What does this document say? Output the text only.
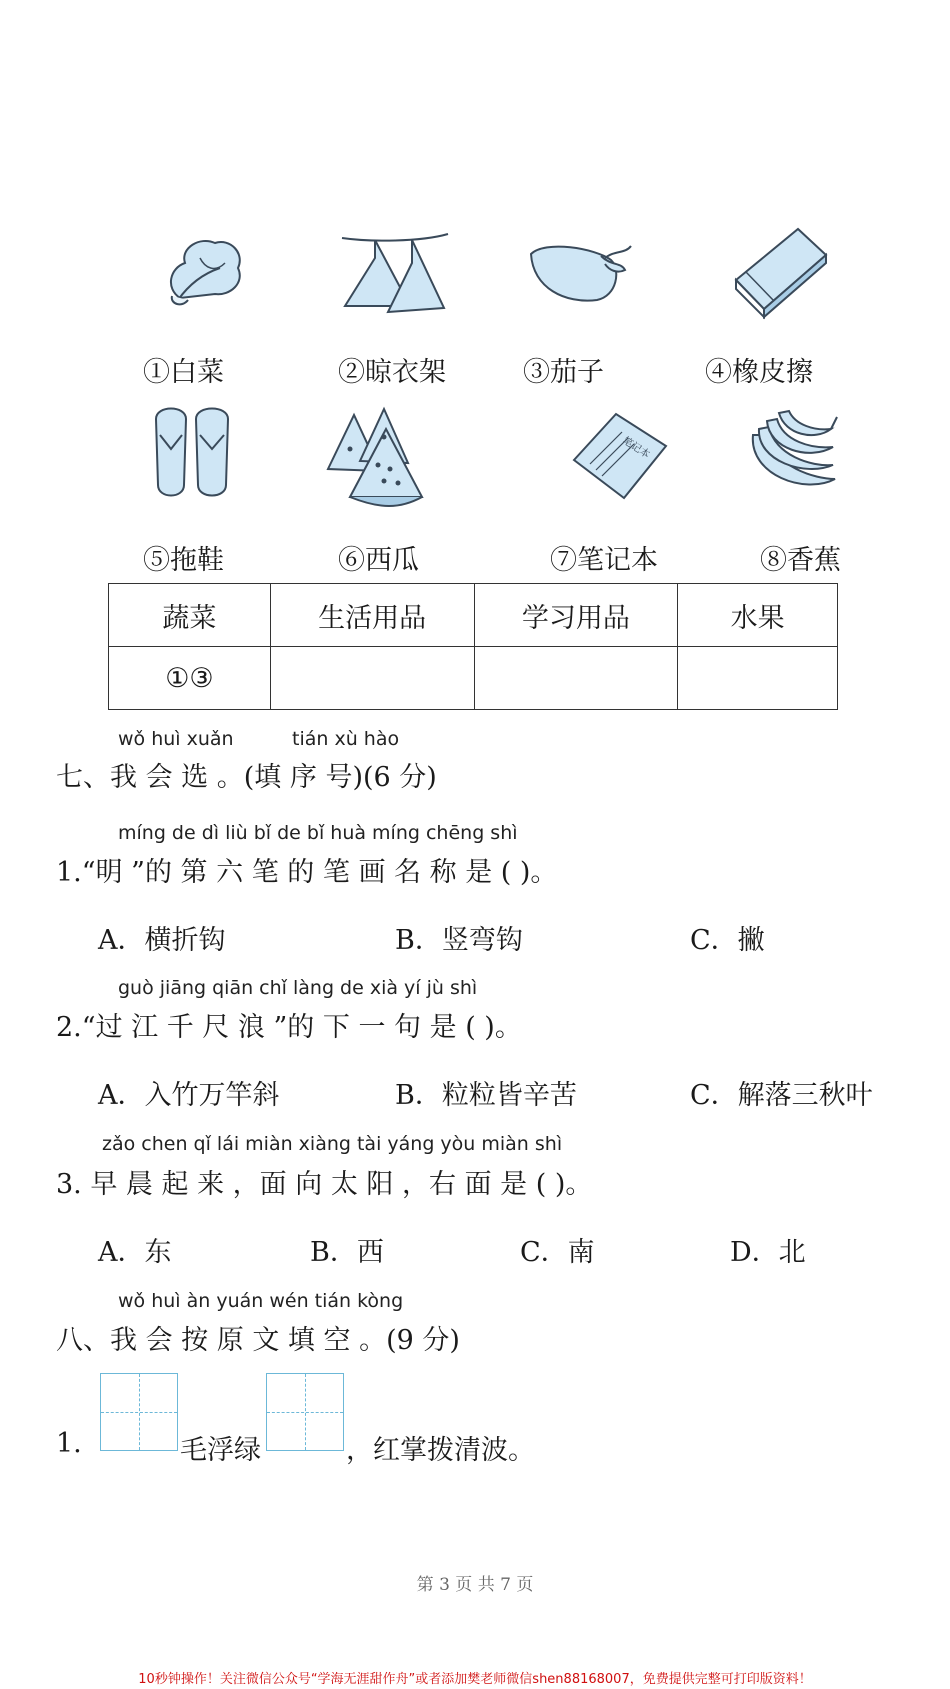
①白菜	②晾衣架	③茄子	④橡皮擦
笔记本
⑤拖鞋	⑥西瓜	⑦笔记本	⑧香蕉
蔬菜	生活用品	学习用品	水果
①③			
wǒ huì xuǎn	tián xù hào
七、我 会 选 。(填 序 号)(6 分)
míng de dì liù bǐ de bǐ huà míng chēng shì
1.“明 ”的 第 六 笔 的 笔 画 名 称 是 ( )。
A．横折钩	B．竖弯钩	C．撇
guò jiāng qiān chǐ làng de xià yí jù shì
2.“过 江 千 尺 浪 ”的 下 一 句 是 ( )。
A．入竹万竿斜	B．粒粒皆辛苦	C．解落三秋叶
zǎo chen qǐ lái miàn xiàng tài yáng yòu miàn shì
3. 早 晨 起 来 ，面 向 太 阳 ，右 面 是 ( )。
A．东	B．西	C．南	D．北
wǒ huì àn yuán wén tián kòng
八、我 会 按 原 文 填 空 。(9 分)
1.	毛浮绿	，红掌拨清波。
第 3 页 共 7 页
10秒钟操作！关注微信公众号“学海无涯甜作舟”或者添加樊老师微信shen88168007，免费提供完整可打印版资料！
